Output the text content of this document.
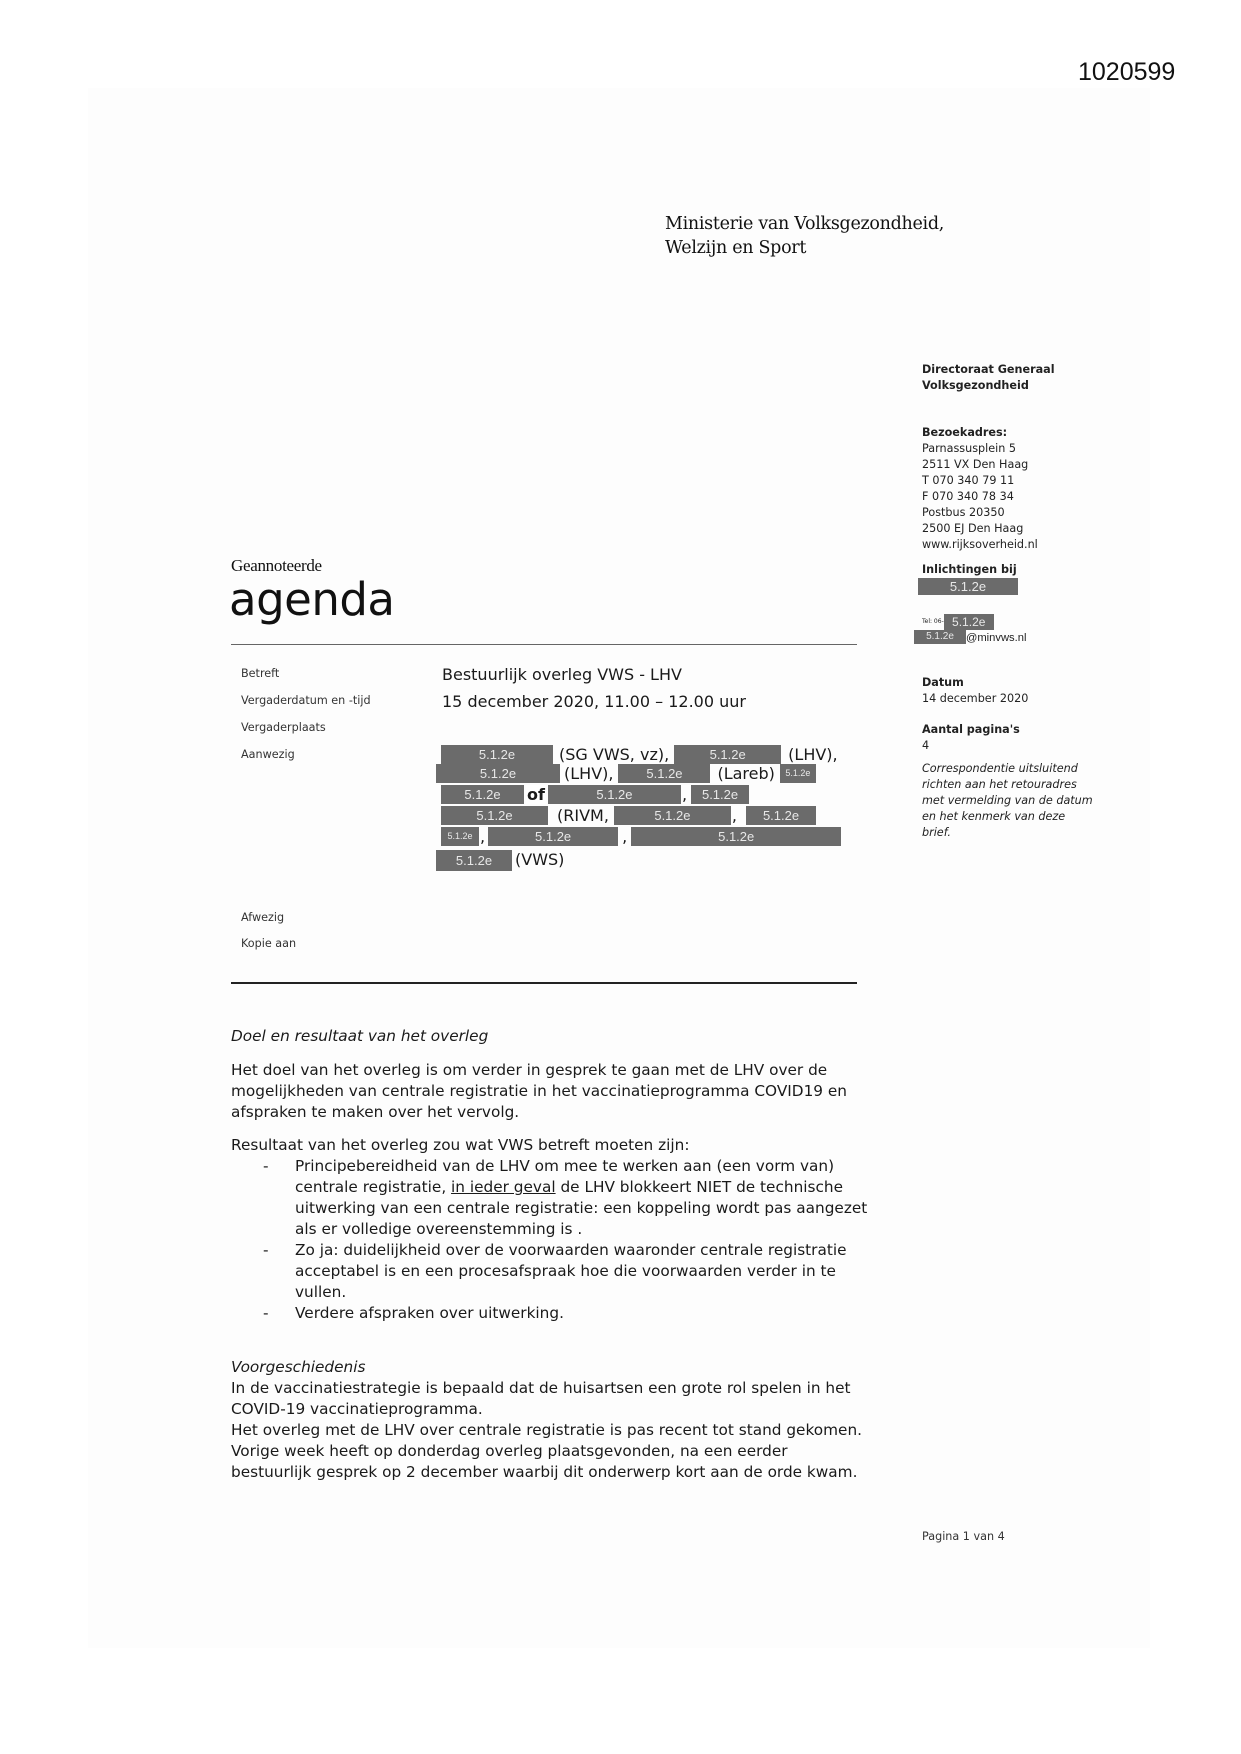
1020599
Ministerie van Volksgezondheid,
Welzijn en Sport
Directoraat Generaal
Volksgezondheid
Bezoekadres:
Parnassusplein 5
2511 VX Den Haag
T 070 340 79 11
F 070 340 78 34
Postbus 20350
2500 EJ Den Haag
www.rijksoverheid.nl
Inlichtingen bij
5.1.2e
Tel: 06- 5.1.2e
5.1.2e @minvws.nl
Datum
14 december 2020
Aantal pagina's
4
Correspondentie uitsluitend
richten aan het retouradres
met vermelding van de datum
en het kenmerk van deze
brief.
Geannoteerde
agenda
Betreft	Bestuurlijk overleg VWS - LHV
Vergaderdatum en -tijd	15 december 2020, 11.00 – 12.00 uur
Vergaderplaats
Aanwezig	5.1.2e	(SG VWS, vz),	5.1.2e	(LHV),
5.1.2e	(LHV),	5.1.2e	(Lareb)	5.1.2e
5.1.2e	of	5.1.2e	,	5.1.2e
5.1.2e	(RIVM,	5.1.2e	,	5.1.2e
5.1.2e ,	5.1.2e	,	5.1.2e
5.1.2e	(VWS)
Afwezig
Kopie aan
Doel en resultaat van het overleg
Het doel van het overleg is om verder in gesprek te gaan met de LHV over de
mogelijkheden van centrale registratie in het vaccinatieprogramma COVID19 en
afspraken te maken over het vervolg.
Resultaat van het overleg zou wat VWS betreft moeten zijn:
- Principebereidheid van de LHV om mee te werken aan (een vorm van)
centrale registratie, in ieder geval de LHV blokkeert NIET de technische
uitwerking van een centrale registratie: een koppeling wordt pas aangezet
als er volledige overeenstemming is .
- Zo ja: duidelijkheid over de voorwaarden waaronder centrale registratie
acceptabel is en een procesafspraak hoe die voorwaarden verder in te
vullen.
- Verdere afspraken over uitwerking.
Voorgeschiedenis
In de vaccinatiestrategie is bepaald dat de huisartsen een grote rol spelen in het
COVID-19 vaccinatieprogramma.
Het overleg met de LHV over centrale registratie is pas recent tot stand gekomen.
Vorige week heeft op donderdag overleg plaatsgevonden, na een eerder
bestuurlijk gesprek op 2 december waarbij dit onderwerp kort aan de orde kwam.
Pagina 1 van 4
